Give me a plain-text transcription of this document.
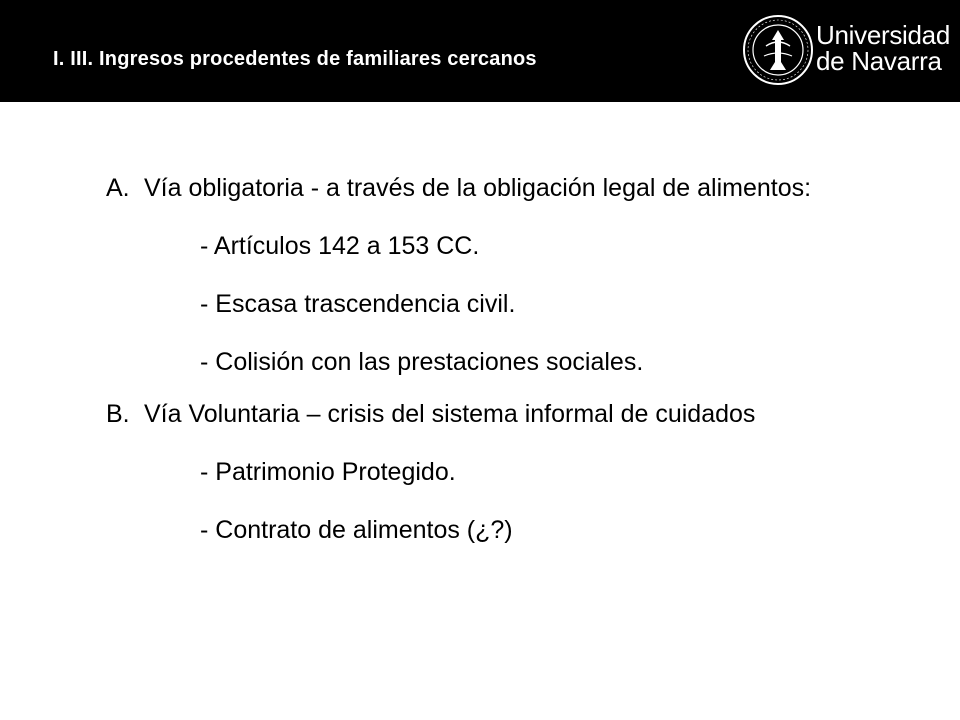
I. III. Ingresos procedentes de familiares cercanos
Universidad
de Navarra
A. Vía obligatoria - a través de la obligación legal de alimentos:
- Artículos 142 a 153 CC.
- Escasa trascendencia civil.
- Colisión con las prestaciones sociales.
B. Vía Voluntaria – crisis del sistema informal de cuidados
- Patrimonio Protegido.
- Contrato de alimentos (¿?)
